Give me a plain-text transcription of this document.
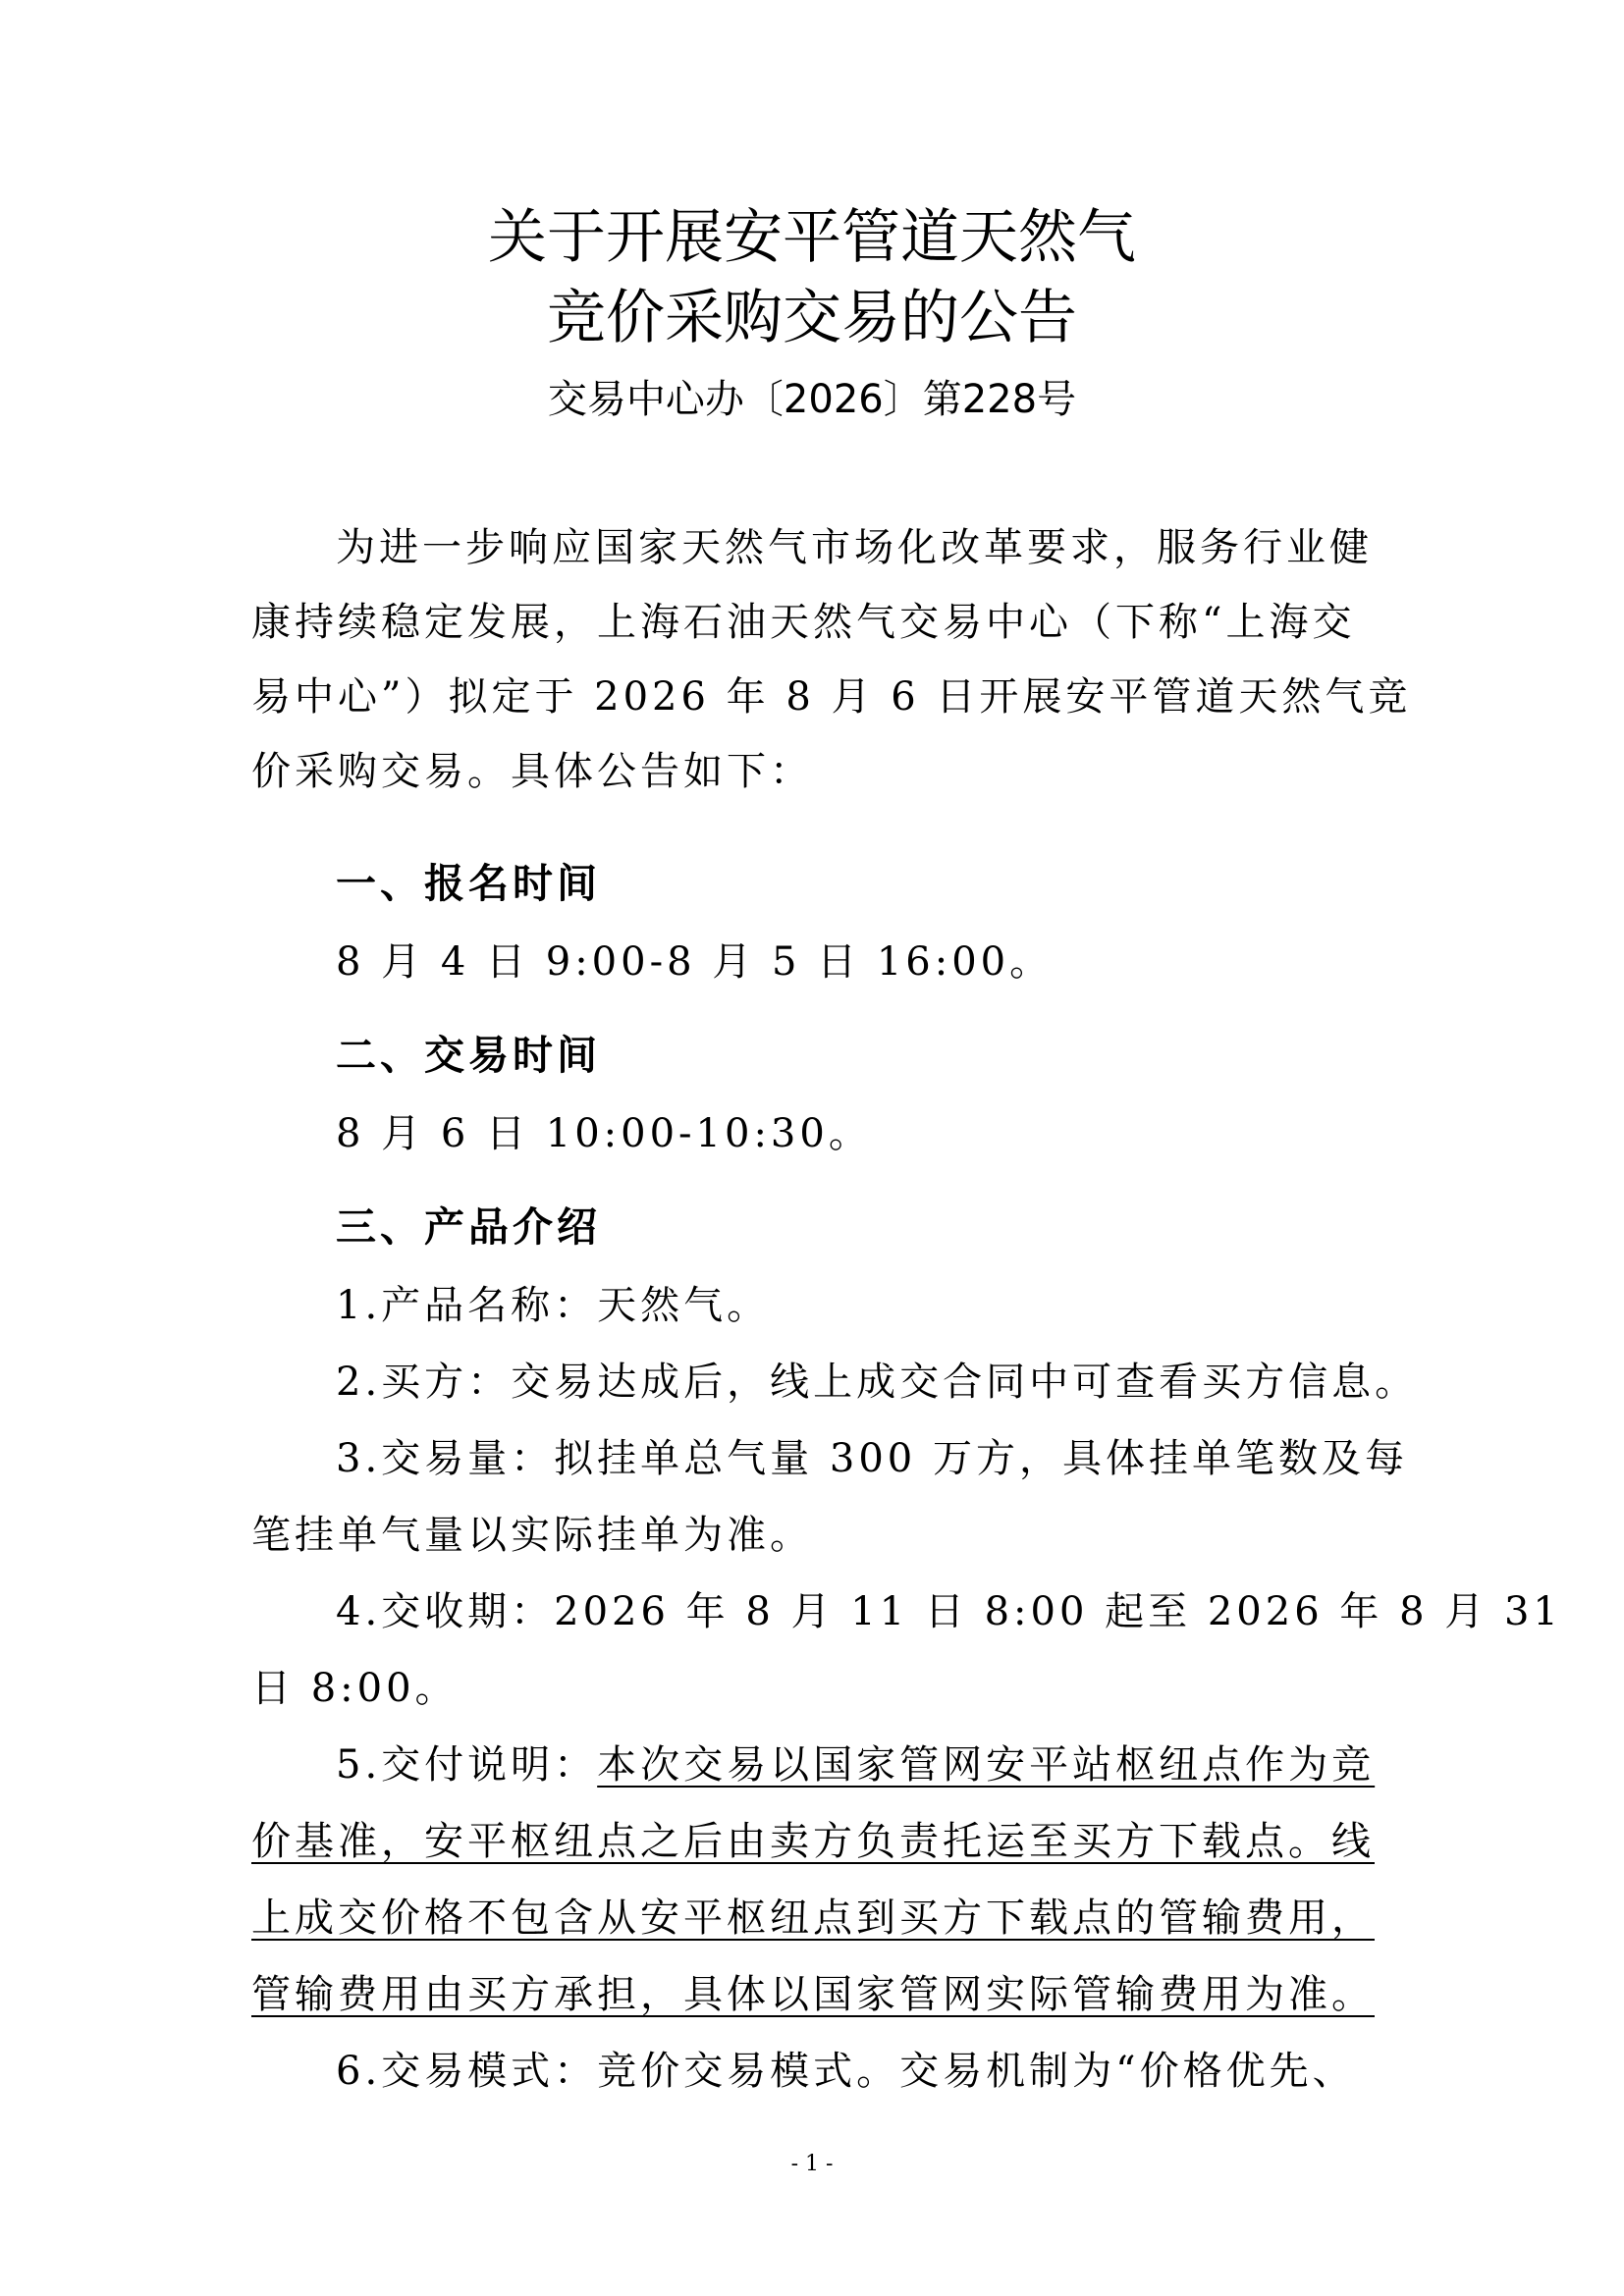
关于开展安平管道天然气
竞价采购交易的公告
交易中心办〔2026〕第228号
为进一步响应国家天然气市场化改革要求，服务行业健
康持续稳定发展，上海石油天然气交易中心（下称“上海交
易中心”）拟定于 2026 年 8 月 6 日开展安平管道天然气竞
价采购交易。具体公告如下：
一、报名时间
8 月 4 日 9:00-8 月 5 日 16:00。
二、交易时间
8 月 6 日 10:00-10:30。
三、产品介绍
1.产品名称：天然气。
2.买方：交易达成后，线上成交合同中可查看买方信息。
3.交易量：拟挂单总气量 300 万方，具体挂单笔数及每
笔挂单气量以实际挂单为准。
4.交收期：2026 年 8 月 11 日 8:00 起至 2026 年 8 月 31
日 8:00。
5.交付说明：本次交易以国家管网安平站枢纽点作为竞
价基准，安平枢纽点之后由卖方负责托运至买方下载点。线
上成交价格不包含从安平枢纽点到买方下载点的管输费用，
管输费用由买方承担，具体以国家管网实际管输费用为准。
6.交易模式：竞价交易模式。交易机制为“价格优先、
- 1 -
